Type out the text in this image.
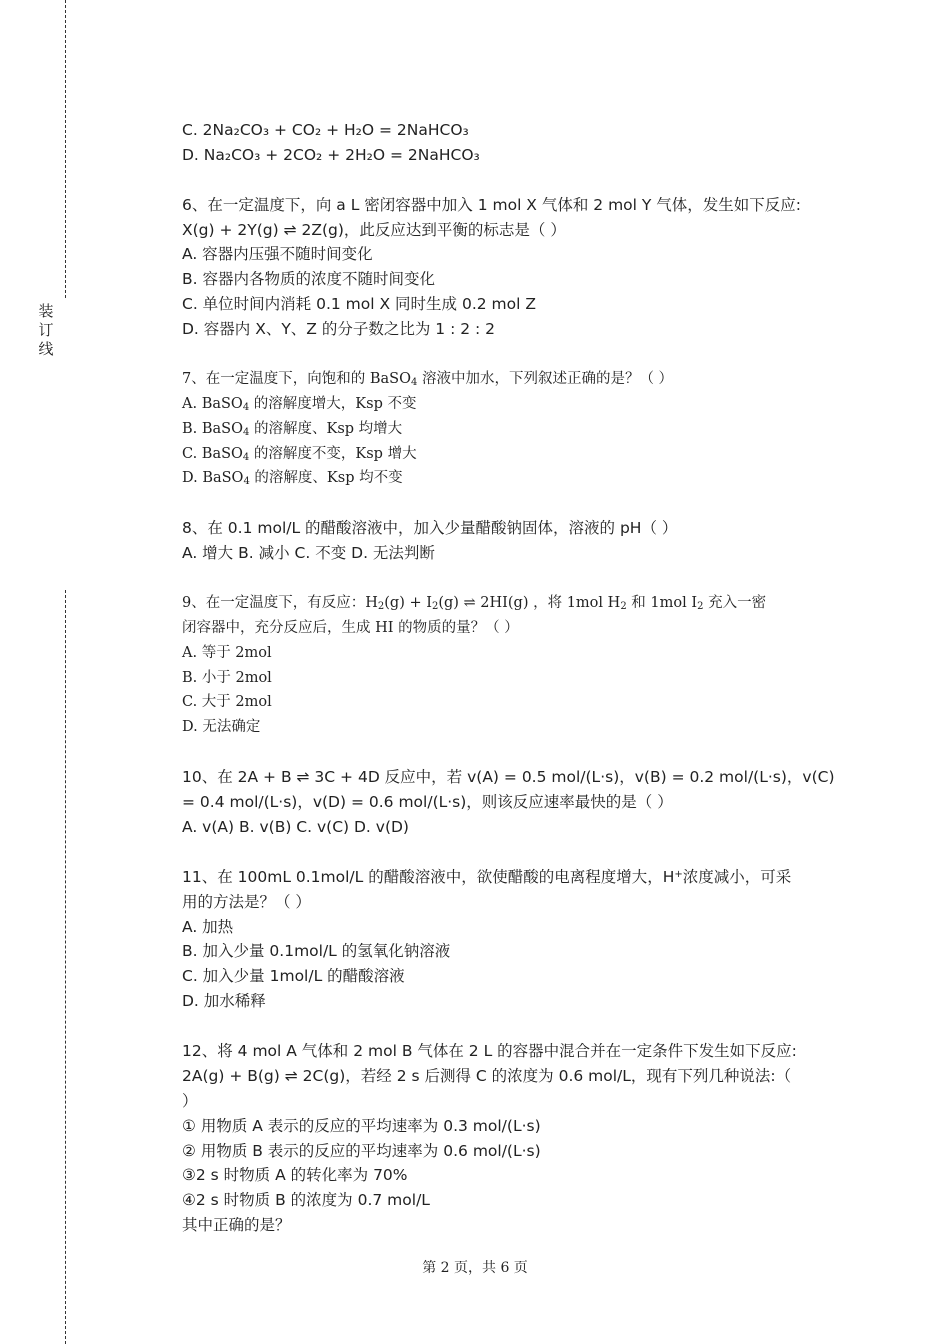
装
订
线
C. 2Na₂CO₃ + CO₂ + H₂O = 2NaHCO₃
D. Na₂CO₃ + 2CO₂ + 2H₂O = 2NaHCO₃
6、在一定温度下，向 a L 密闭容器中加入 1 mol X 气体和 2 mol Y 气体，发生如下反应:
X(g) + 2Y(g) ⇌ 2Z(g)，此反应达到平衡的标志是（ ）
A. 容器内压强不随时间变化
B. 容器内各物质的浓度不随时间变化
C. 单位时间内消耗 0.1 mol X 同时生成 0.2 mol Z
D. 容器内 X、Y、Z 的分子数之比为 1 : 2 : 2
7、在一定温度下，向饱和的 BaSO$_4$ 溶液中加水，下列叙述正确的是？（ ）
A. BaSO$_4$ 的溶解度增大，Ksp 不变
B. BaSO$_4$ 的溶解度、Ksp 均增大
C. BaSO$_4$ 的溶解度不变，Ksp 增大
D. BaSO$_4$ 的溶解度、Ksp 均不变
8、在 0.1 mol/L 的醋酸溶液中，加入少量醋酸钠固体，溶液的 pH（ ）
A. 增大 B. 减小 C. 不变 D. 无法判断
9、在一定温度下，有反应：$H_2(g) + I_2(g)$ ⇌ 2HI(g) ，将 1mol $H_2$ 和 1mol $I_2$ 充入一密
闭容器中，充分反应后，生成 HI 的物质的量？（ ）
A. 等于 2mol
B. 小于 2mol
C. 大于 2mol
D. 无法确定
10、在 2A + B ⇌ 3C + 4D 反应中，若 v(A) = 0.5 mol/(L·s)，v(B) = 0.2 mol/(L·s)，v(C)
= 0.4 mol/(L·s)，v(D) = 0.6 mol/(L·s)，则该反应速率最快的是（ ）
A. v(A) B. v(B) C. v(C) D. v(D)
11、在 100mL 0.1mol/L 的醋酸溶液中，欲使醋酸的电离程度增大，H+浓度减小，可采
用的方法是？（ ）
A. 加热
B. 加入少量 0.1mol/L 的氢氧化钠溶液
C. 加入少量 1mol/L 的醋酸溶液
D. 加水稀释
12、将 4 mol A 气体和 2 mol B 气体在 2 L 的容器中混合并在一定条件下发生如下反应:
2A(g) + B(g) ⇌ 2C(g)，若经 2 s 后测得 C 的浓度为 0.6 mol/L，现有下列几种说法:（
）
① 用物质 A 表示的反应的平均速率为 0.3 mol/(L·s)
② 用物质 B 表示的反应的平均速率为 0.6 mol/(L·s)
③2 s 时物质 A 的转化率为 70%
④2 s 时物质 B 的浓度为 0.7 mol/L
其中正确的是？
第 2 页，共 6 页
